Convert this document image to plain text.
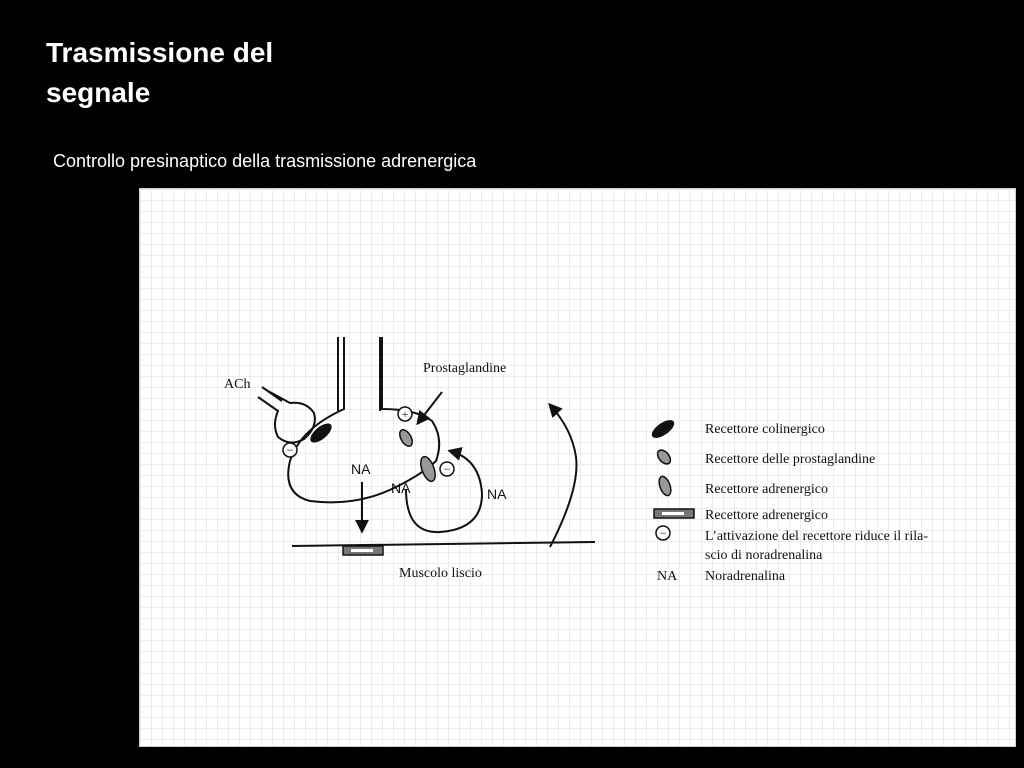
Trasmissione del
segnale

Controllo presinaptico della trasmissione adrenergica

−
+
−
ACh
Prostaglandine
NA
NA	NA
Muscolo liscio
Recettore colinergico
Recettore delle prostaglandine
Recettore adrenergico
Recettore adrenergico
−	L’attivazione del recettore riduce il rila-
scio di noradrenalina
NA Noradrenalina
